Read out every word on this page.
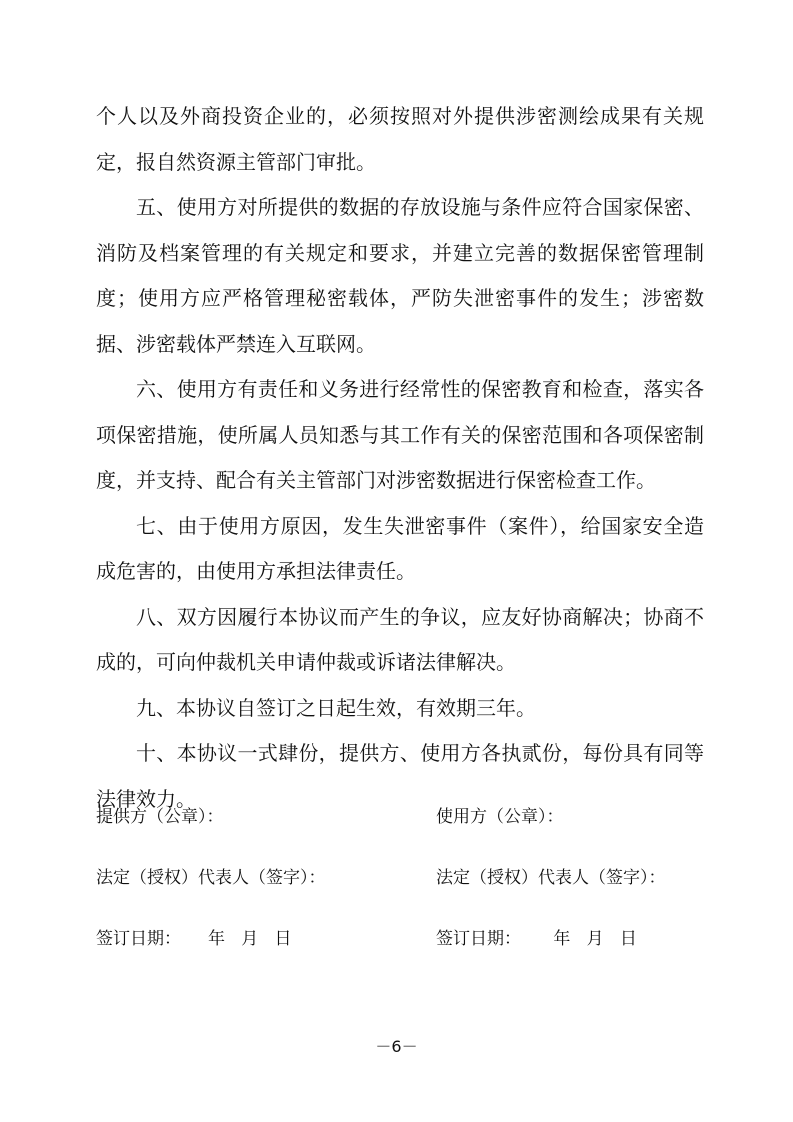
个人以及外商投资企业的，必须按照对外提供涉密测绘成果有关规定，报自然资源主管部门审批。

五、使用方对所提供的数据的存放设施与条件应符合国家保密、消防及档案管理的有关规定和要求，并建立完善的数据保密管理制度；使用方应严格管理秘密载体，严防失泄密事件的发生；涉密数据、涉密载体严禁连入互联网。

六、使用方有责任和义务进行经常性的保密教育和检查，落实各项保密措施，使所属人员知悉与其工作有关的保密范围和各项保密制度，并支持、配合有关主管部门对涉密数据进行保密检查工作。

七、由于使用方原因，发生失泄密事件（案件），给国家安全造成危害的，由使用方承担法律责任。

八、双方因履行本协议而产生的争议，应友好协商解决；协商不成的，可向仲裁机关申请仲裁或诉诸法律解决。

九、本协议自签订之日起生效，有效期三年。

十、本协议一式肆份，提供方、使用方各执贰份，每份具有同等法律效力。

提供方（公章）：	使用方（公章）：
法定（授权）代表人（签字）：	法定（授权）代表人（签字）：
签订日期：     年   月   日	签订日期：      年   月   日
－6－
